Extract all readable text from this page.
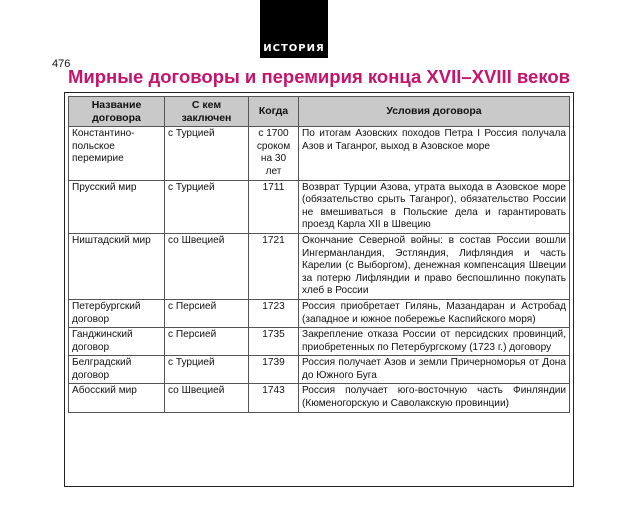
ИСТОРИЯ
476
Мирные договоры и перемирия конца XVII–XVIII веков
Название договора	С кем заключен	Когда	Условия договора
Константино-польское перемирие	с Турцией	с 1700 сроком на 30 лет	По итогам Азовских походов Петра I Россия получала Азов и Таганрог, выход в Азовское море
Прусский мир	с Турцией	1711	Возврат Турции Азова, утрата выхода в Азовское море (обязательство срыть Таганрог), обязательство России не вмешиваться в Польские дела и гарантировать проезд Карла XII в Швецию
Ништадский мир	со Швецией	1721	Окончание Северной войны: в состав России вошли Ингерманландия, Эстляндия, Лифляндия и часть Карелии (с Выборгом), денежная компенсация Швеции за потерю Лифляндии и право беспошлинно покупать хлеб в России
Петербургский договор	с Персией	1723	Россия приобретает Гилянь, Мазандаран и Астробад (западное и южное побережье Каспийского моря)
Ганджинский договор	с Персией	1735	Закрепление отказа России от персидских провинций, приобретенных по Петербургскому (1723 г.) договору
Белградский договор	с Турцией	1739	Россия получает Азов и земли Причерноморья от Дона до Южного Буга
Абосский мир	со Швецией	1743	Россия получает юго-восточную часть Финляндии (Кюменогорскую и Саволакскую провинции)
